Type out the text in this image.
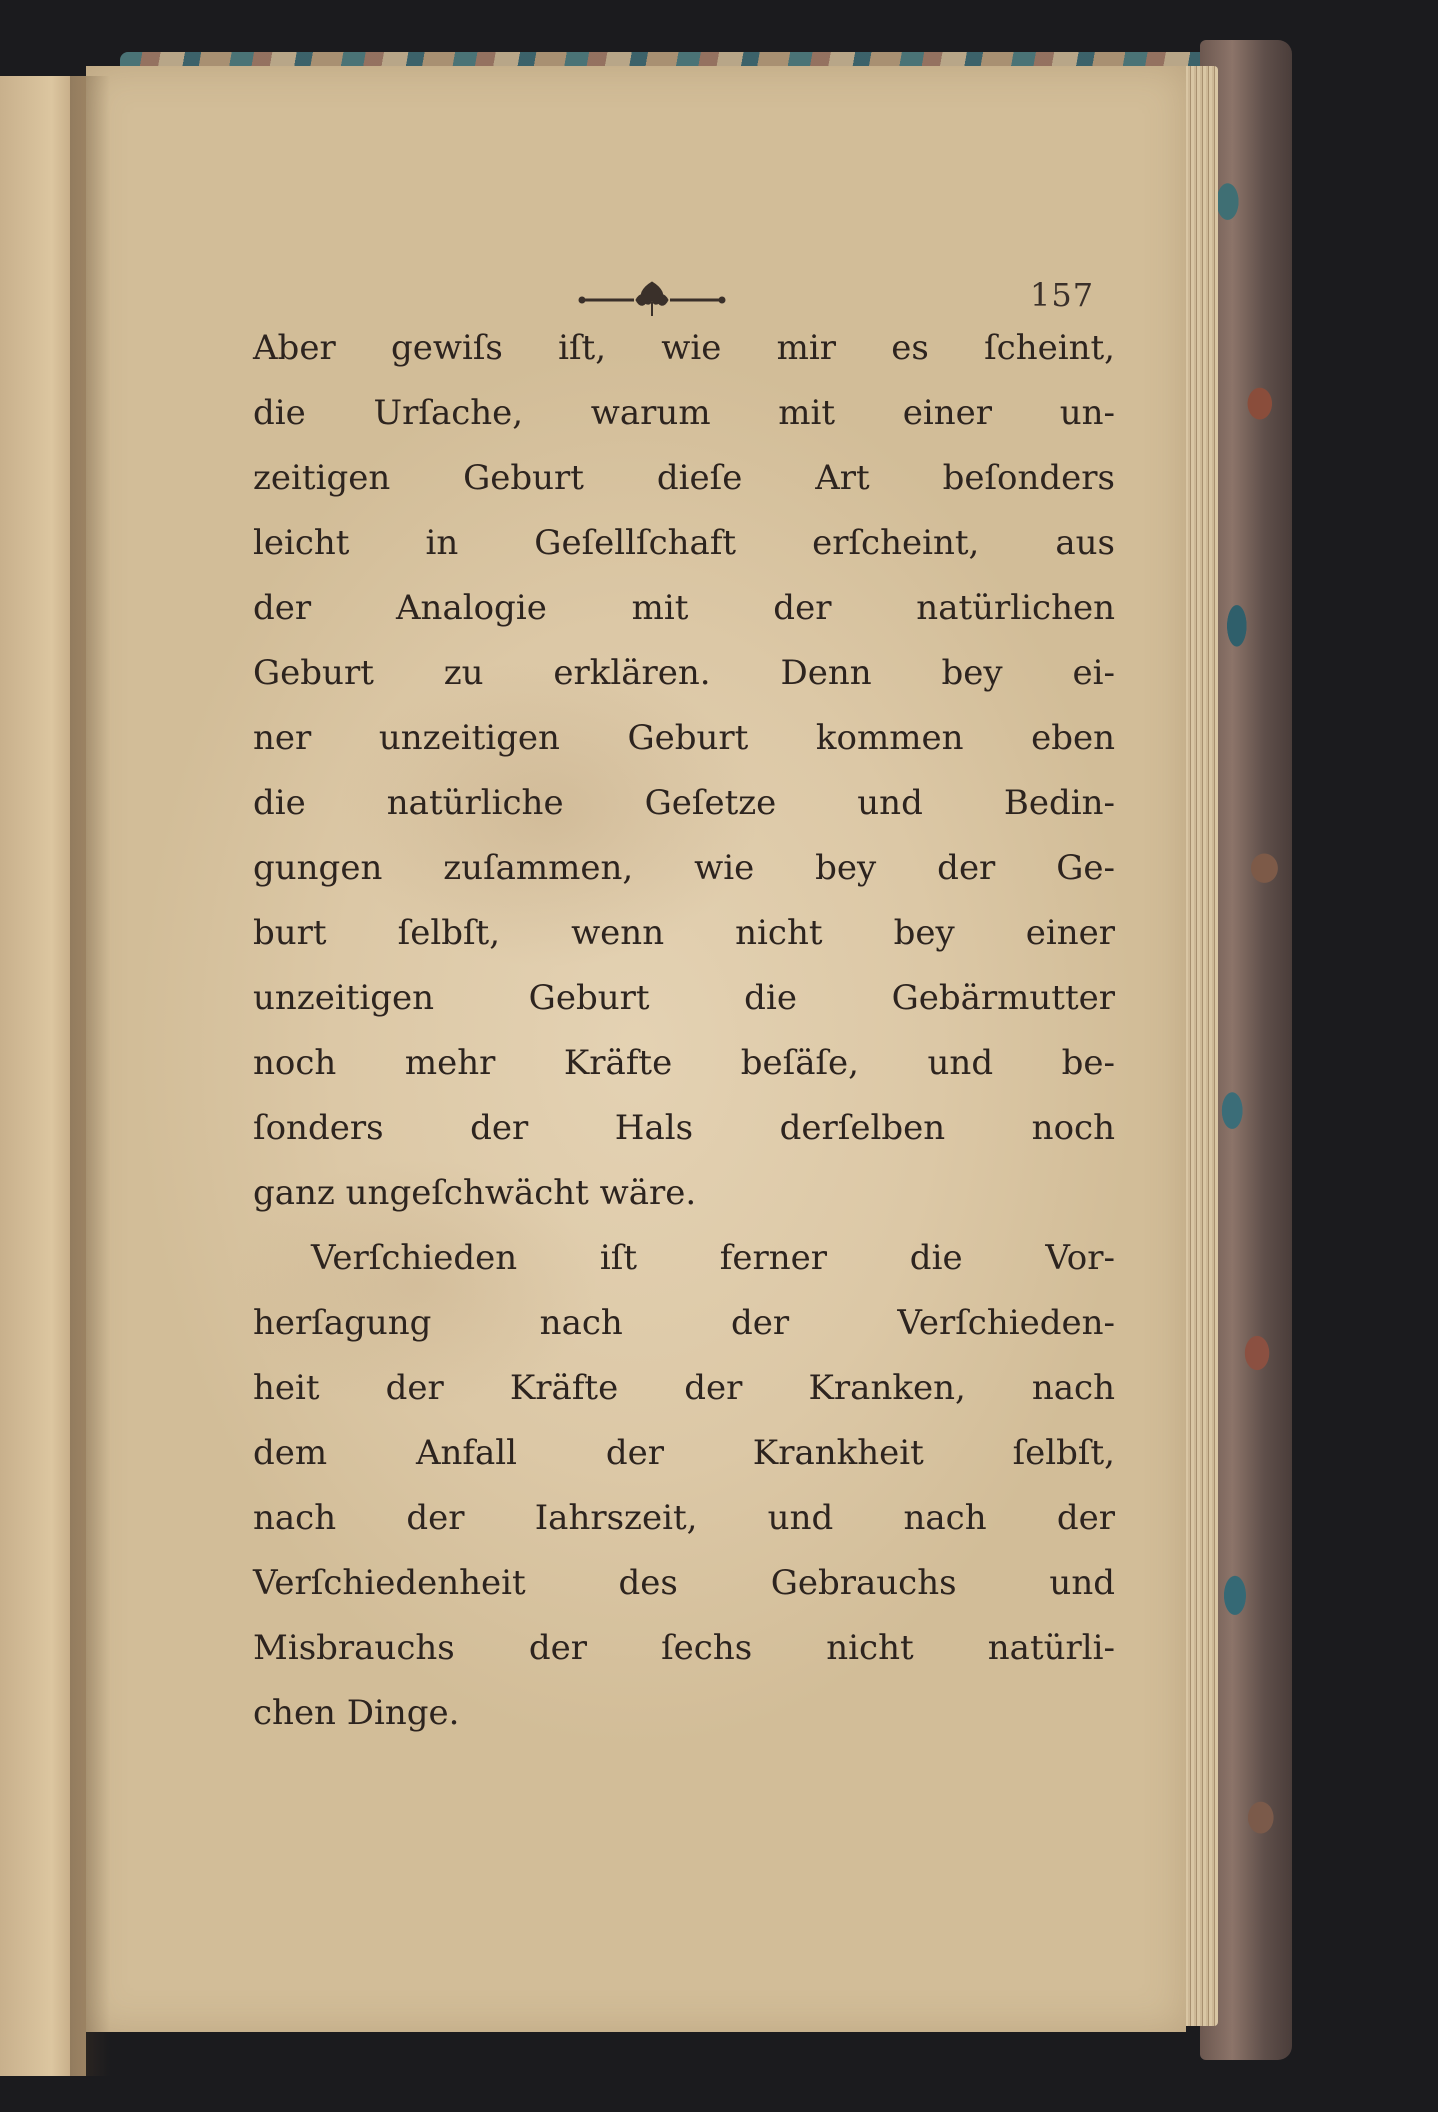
157
Aber gewiſs iſt, wie mir es ſcheint,
die Urſache, warum mit einer un-
zeitigen Geburt dieſe Art beſonders
leicht in Geſellſchaft erſcheint, aus
der Analogie mit der natürlichen
Geburt zu erklären. Denn bey ei-
ner unzeitigen Geburt kommen eben
die natürliche Geſetze und Bedin-
gungen zuſammen, wie bey der Ge-
burt ſelbſt, wenn nicht bey einer
unzeitigen Geburt die Gebärmutter
noch mehr Kräfte beſäſe, und be-
ſonders der Hals derſelben noch
ganz ungeſchwächt wäre.
Verſchieden iſt ferner die Vor-
herſagung nach der Verſchieden-
heit der Kräfte der Kranken, nach
dem Anfall der Krankheit ſelbſt,
nach der Iahrszeit, und nach der
Verſchiedenheit des Gebrauchs und
Misbrauchs der ſechs nicht natürli-
chen Dinge.
